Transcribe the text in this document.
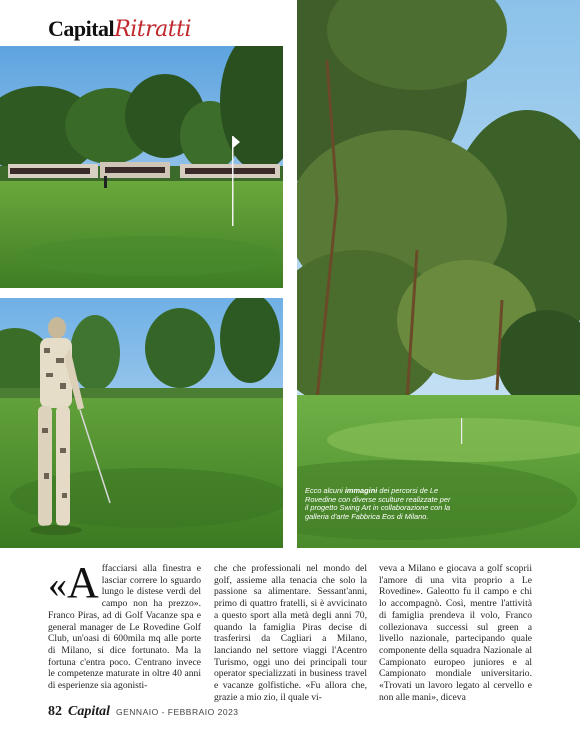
CapitalRitratti
Ecco alcuni immagini dei percorsi de Le Rovedine con diverse sculture realizzate per il progetto Swing Art in collaborazione con la galleria d'arte Fabbrica Eos di Milano.
«A ffacciarsi alla finestra e lasciar correre lo sguardo lungo le distese verdi del campo non ha prezzo». Franco Piras, ad di Golf Vacanze spa e general manager de Le Rovedine Golf Club, un'oasi di 600mila mq alle porte di Milano, si dice fortunato. Ma la fortuna c'entra poco. C'entrano invece le competenze maturate in oltre 40 anni di esperienze sia agonisti-
che che professionali nel mondo del golf, assieme alla tenacia che solo la passione sa alimentare. Sessant'anni, primo di quattro fratelli, si è avvicinato a questo sport alla metà degli anni 70, quando la famiglia Piras decise di trasferirsi da Cagliari a Milano, lanciando nel settore viaggi l'Acentro Turismo, oggi uno dei principali tour operator specializzati in business travel e vacanze golfistiche. «Fu allora che, grazie a mio zio, il quale vi-
veva a Milano e giocava a golf scoprii l'amore di una vita proprio a Le Rovedine». Galeotto fu il campo e chi lo accompagnò. Così, mentre l'attività di famiglia prendeva il volo, Franco collezionava successi sul green a livello nazionale, partecipando quale componente della squadra Nazionale al Campionato europeo juniores e al Campionato mondiale universitario. «Trovati un lavoro legato al cervello e non alle mani», diceva
82 Capital GENNAIO - FEBBRAIO 2023
